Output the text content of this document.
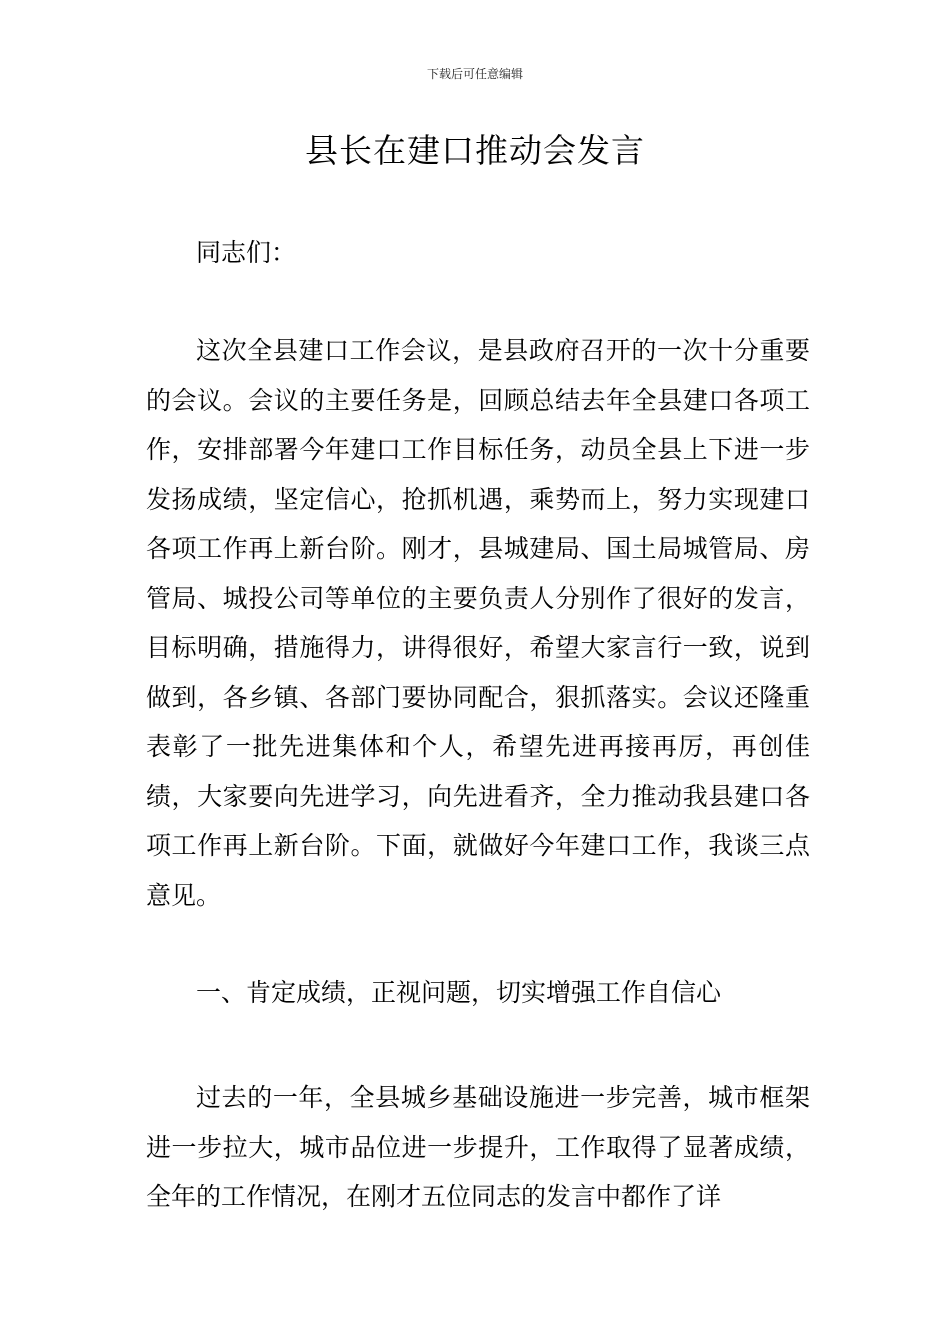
下载后可任意编辑
县长在建口推动会发言

同志们：

这次全县建口工作会议，是县政府召开的一次十分重要的会议。会议的主要任务是，回顾总结去年全县建口各项工作，安排部署今年建口工作目标任务，动员全县上下进一步发扬成绩，坚定信心，抢抓机遇，乘势而上，努力实现建口各项工作再上新台阶。刚才，县城建局、国土局城管局、房管局、城投公司等单位的主要负责人分别作了很好的发言，目标明确，措施得力，讲得很好，希望大家言行一致，说到做到，各乡镇、各部门要协同配合，狠抓落实。会议还隆重表彰了一批先进集体和个人，希望先进再接再厉，再创佳绩，大家要向先进学习，向先进看齐，全力推动我县建口各项工作再上新台阶。下面，就做好今年建口工作，我谈三点意见。

一、肯定成绩，正视问题，切实增强工作自信心

过去的一年，全县城乡基础设施进一步完善，城市框架进一步拉大，城市品位进一步提升，工作取得了显著成绩，全年的工作情况，在刚才五位同志的发言中都作了详
